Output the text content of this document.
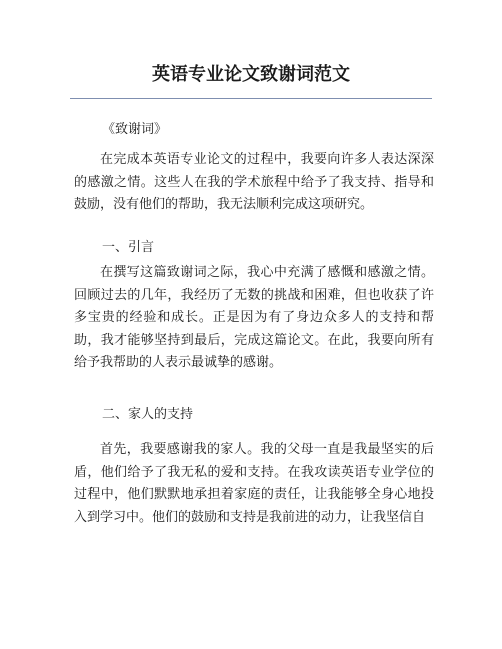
英语专业论文致谢词范文
《致谢词》
在完成本英语专业论文的过程中，我要向许多人表达深深的感激之情。这些人在我的学术旅程中给予了我支持、指导和鼓励，没有他们的帮助，我无法顺利完成这项研究。
一、引言
在撰写这篇致谢词之际，我心中充满了感慨和感激之情。回顾过去的几年，我经历了无数的挑战和困难，但也收获了许多宝贵的经验和成长。正是因为有了身边众多人的支持和帮助，我才能够坚持到最后，完成这篇论文。在此，我要向所有给予我帮助的人表示最诚挚的感谢。
二、家人的支持
首先，我要感谢我的家人。我的父母一直是我最坚实的后盾，他们给予了我无私的爱和支持。在我攻读英语专业学位的过程中，他们默默地承担着家庭的责任，让我能够全身心地投入到学习中。他们的鼓励和支持是我前进的动力，让我坚信自
